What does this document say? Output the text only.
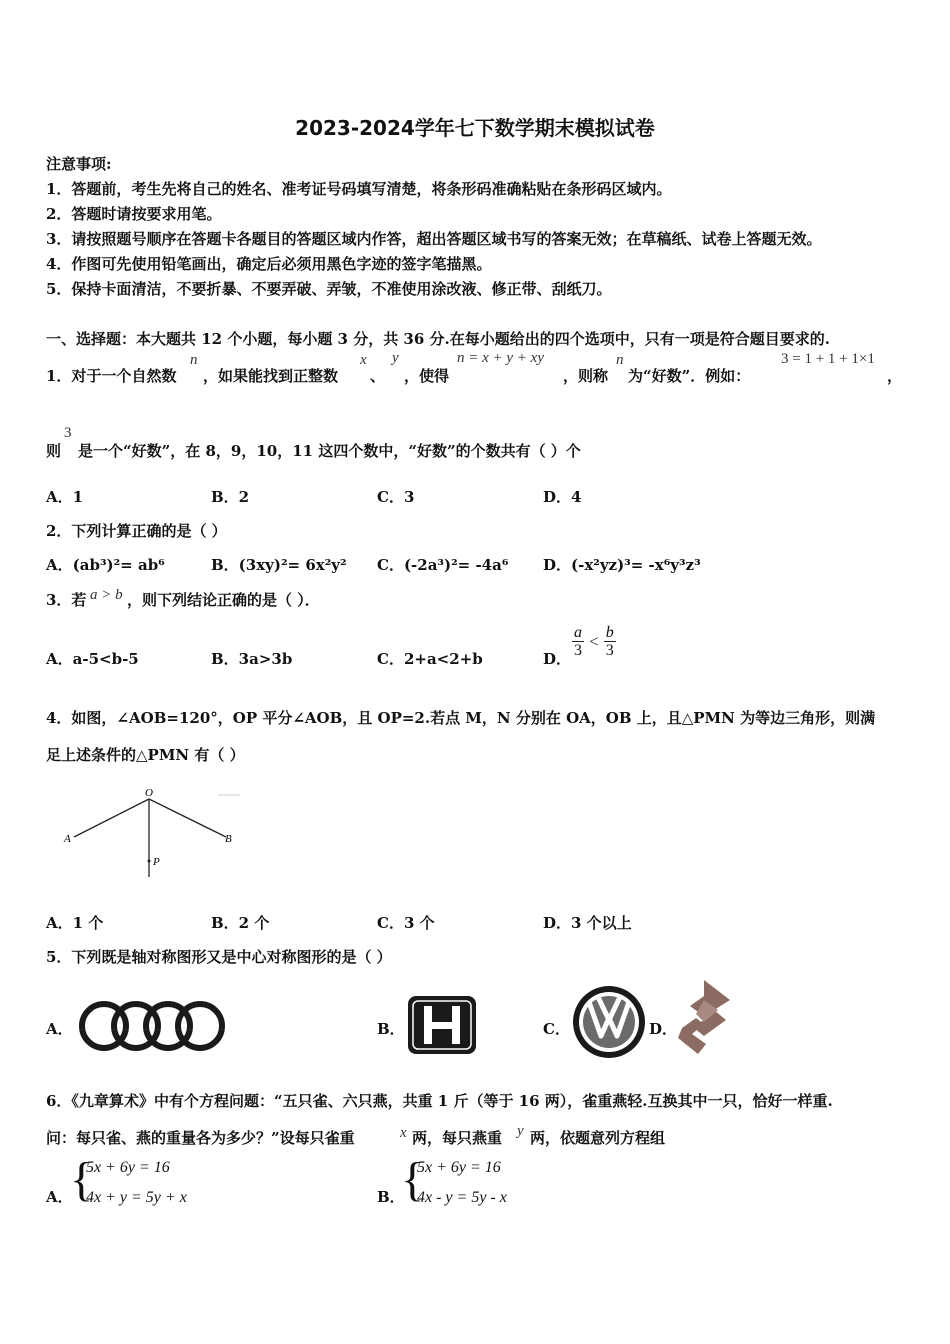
2023-2024学年七下数学期末模拟试卷
注意事项:
1．答题前，考生先将自己的姓名、准考证号码填写清楚，将条形码准确粘贴在条形码区域内。
2．答题时请按要求用笔。
3．请按照题号顺序在答题卡各题目的答题区域内作答，超出答题区域书写的答案无效；在草稿纸、试卷上答题无效。
4．作图可先使用铅笔画出，确定后必须用黑色字迹的签字笔描黑。
5．保持卡面清洁，不要折暴、不要弄破、弄皱，不准使用涂改液、修正带、刮纸刀。
一、选择题：本大题共 12 个小题，每小题 3 分，共 36 分.在每小题给出的四个选项中，只有一项是符合题目要求的.
1．对于一个自然数
n
，如果能找到正整数
x
、
y
，使得
n = x + y + xy
，则称
n
为“好数”．例如：
3 = 1 + 1 + 1×1
，
则
3
是一个“好数”，在 8，9，10，11 这四个数中，“好数”的个数共有（ ）个
A．1	B．2	C．3	D．4
2．下列计算正确的是（ ）
A．(ab³)²= ab⁶	B．(3xy)²= 6x²y² C．(-2a³)²= -4a⁶ D．(-x²yz)³= -x⁶y³z³
3．若 a > b ，则下列结论正确的是（ ）．
A．a-5<b-5	B．3a>3b	C．2+a<2+b	D． $\frac{a}{3} < \frac{b}{3}$
4．如图，∠AOB=120°，OP 平分∠AOB，且 OP=2.若点 M，N 分别在 OA，OB 上，且△PMN 为等边三角形，则满
足上述条件的△PMN 有（ ）
O
A	B
P
A．1 个	B．2 个	C．3 个	D．3 个以上
5．下列既是轴对称图形又是中心对称图形的是（ ）
A．	B．	C．	D．
6．《九章算术》中有个方程问题：“五只雀、六只燕，共重 1 斤（等于 16 两），雀重燕轻.互换其中一只，恰好一样重.
问：每只雀、燕的重量各为多少？”设每只雀重	x 两，每只燕重 y 两，依题意列方程组
A．
{
5x + 6y = 16
4x + y = 5y + x	B．
{
5x + 6y = 16
4x - y = 5y - x
